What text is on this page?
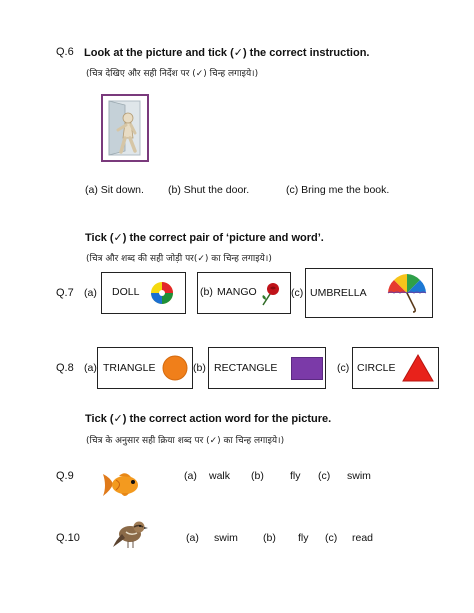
Q.6 Look at the picture and tick (✓) the correct instruction.
(चित्र देखिए और सही निर्देश पर (✓) चिन्ह लगाइये।)
(a) Sit down. (b) Shut the door.	(c) Bring me the book.
Tick (✓) the correct pair of ‘picture and word’.
(चित्र और शब्द की सही जोड़ी पर(✓) का चिन्ह लगाइये।)
Q.7 (a) DOLL	(b) MANGO	(c) UMBRELLA
Q.8 (a) TRIANGLE	(b) RECTANGLE	(c) CIRCLE
Tick (✓) the correct action word for the picture.
(चित्र के अनुसार सही क्रिया शब्द पर (✓) का चिन्ह लगाइये।)
Q.9	(a) walk (b) fly (c) swim
Q.10	(a) swim (b) fly (c) read
